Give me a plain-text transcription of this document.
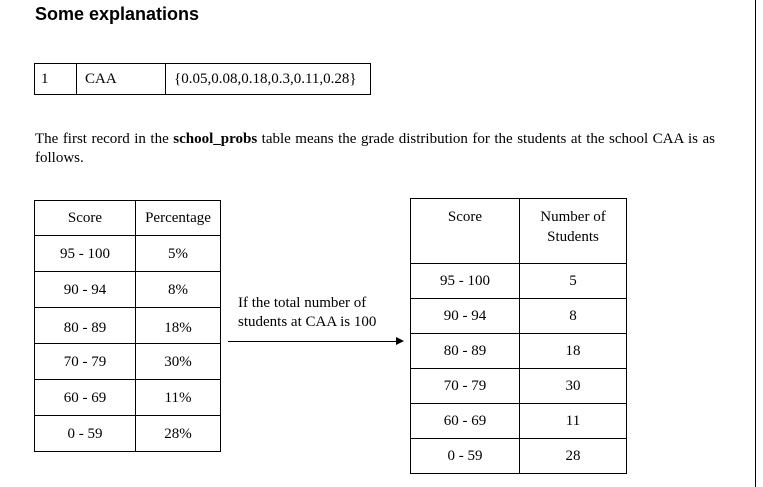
Some explanations
1	CAA	{0.05,0.08,0.18,0.3,0.11,0.28}
The first record in the school_probs table means the grade distribution for the students at the school CAA is as follows.
Score	Percentage
95 - 100	5%
90 - 94	8%
80 - 89	18%
70 - 79	30%
60 - 69	11%
0 - 59	28%
If the total number of
students at CAA is 100
Score	Number of
Students

95 - 100	5
90 - 94	8
80 - 89	18
70 - 79	30
60 - 69	11
0 - 59	28
